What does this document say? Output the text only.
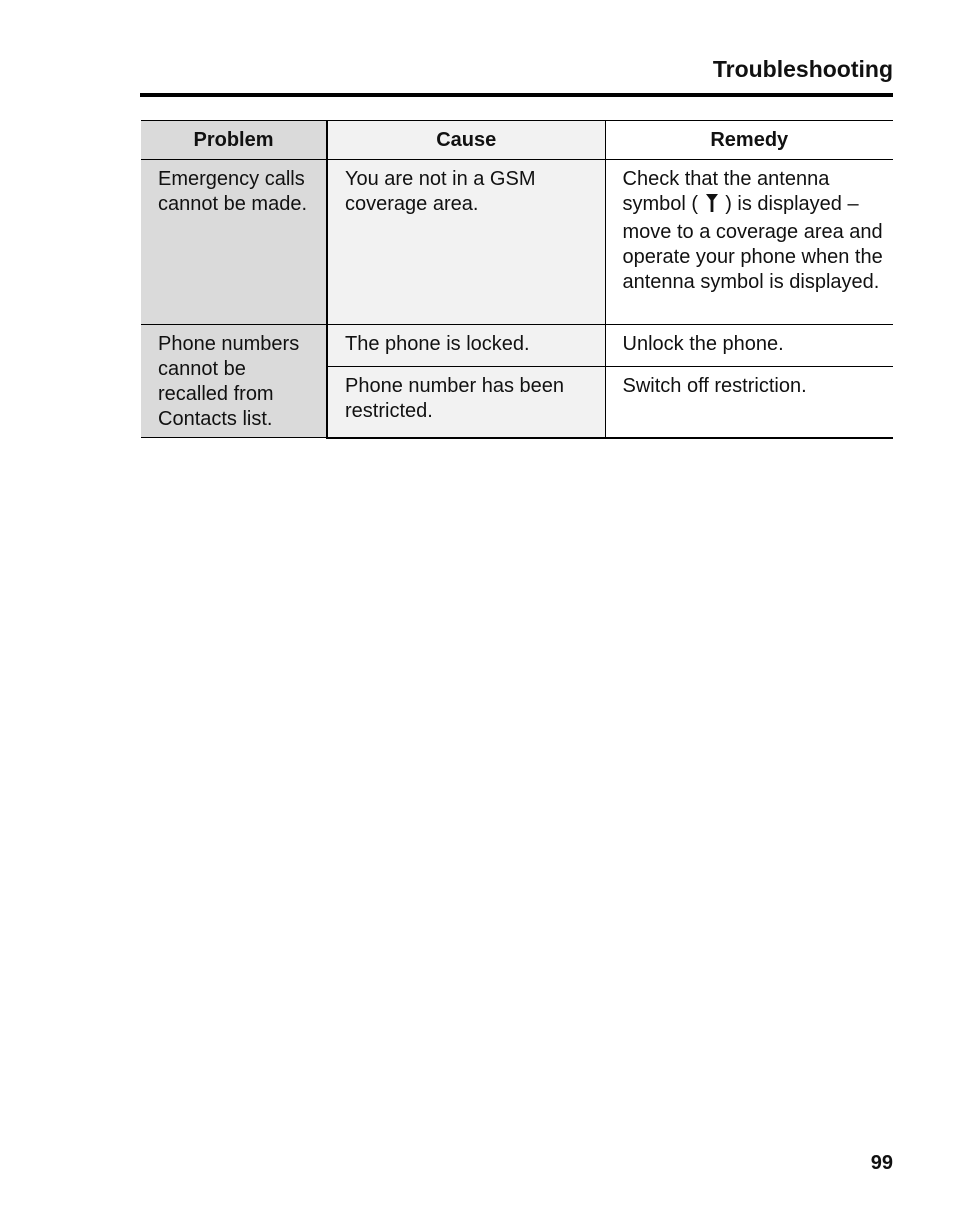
Troubleshooting
Problem	Cause	Remedy
Emergency calls cannot be made.	You are not in a GSM coverage area.	Check that the antenna symbol ( ) is displayed – move to a coverage area and operate your phone when the antenna symbol is displayed.
Phone numbers cannot be recalled from Contacts list.	The phone is locked.	Unlock the phone.
	Phone number has been restricted.	Switch off restriction.
99
